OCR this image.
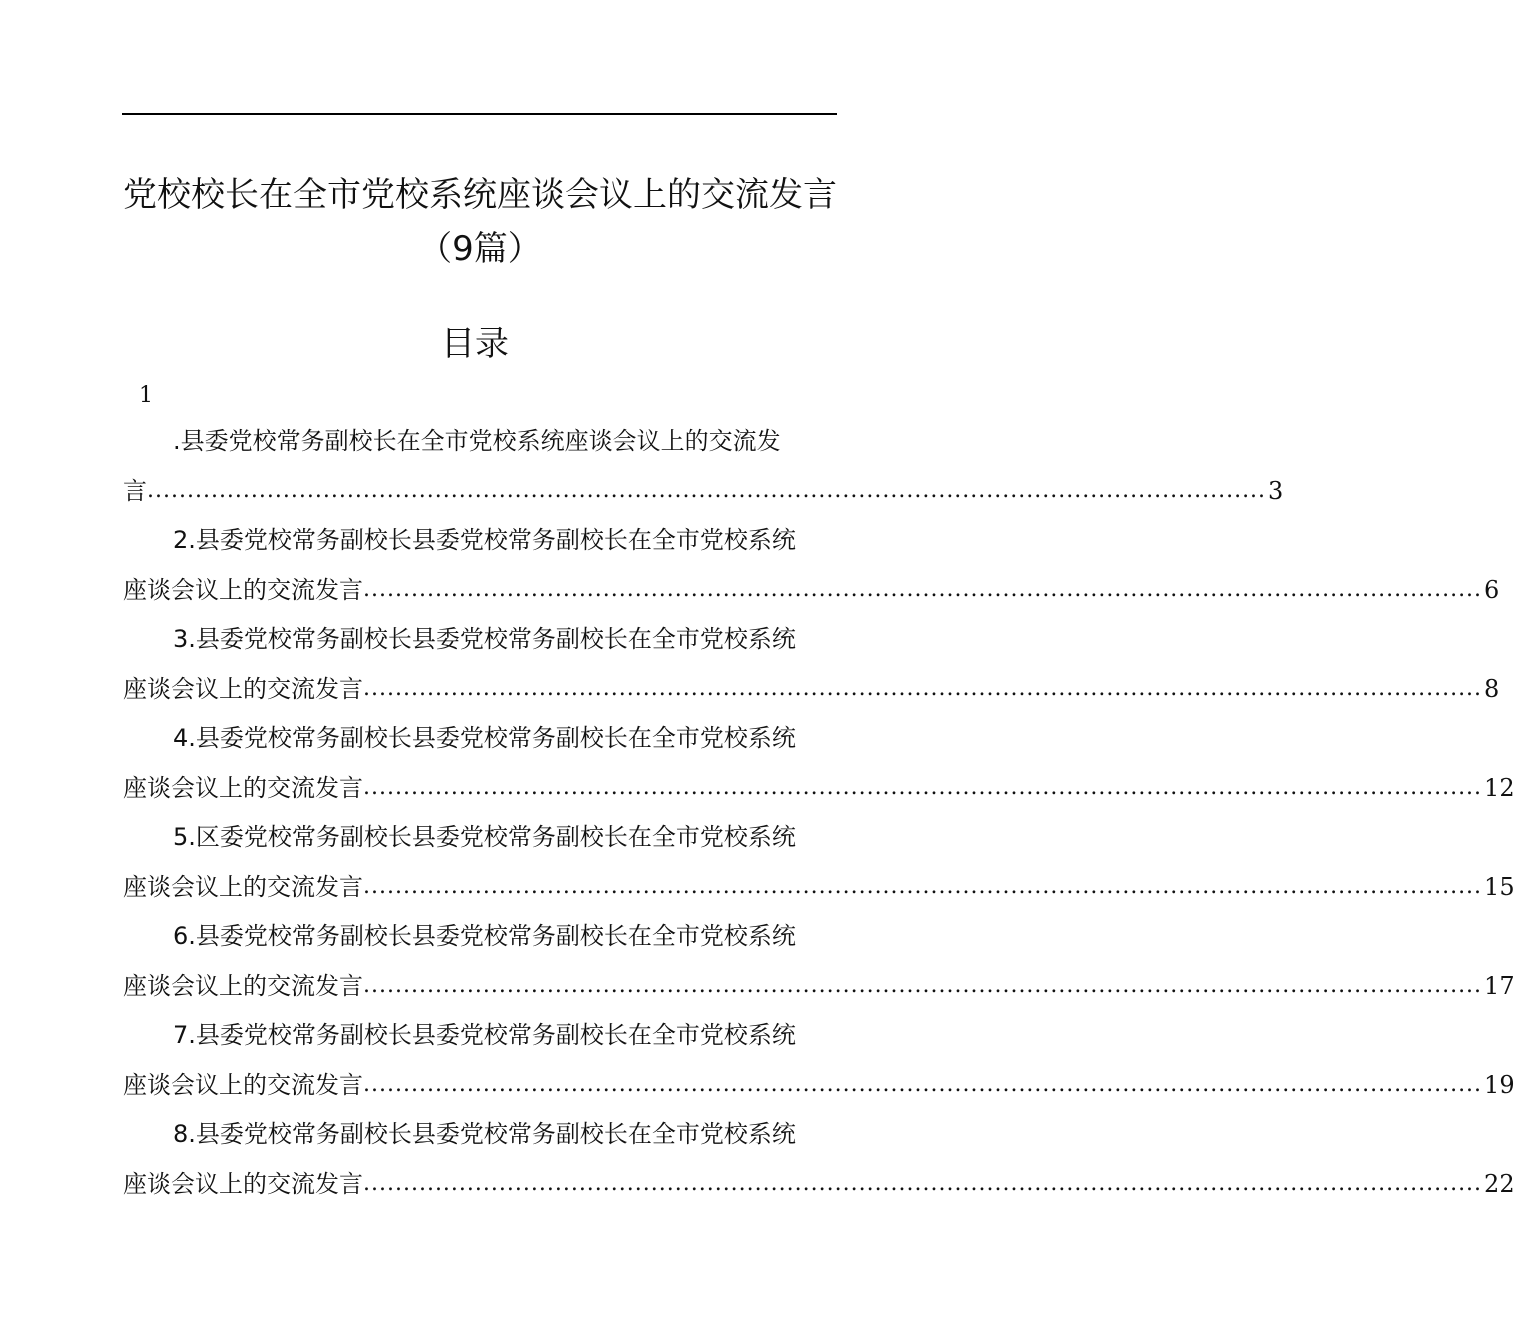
党校校长在全市党校系统座谈会议上的交流发言（9篇）
目录
1
.县委党校常务副校长在全市党校系统座谈会议上的交流发
言 ............................................................................................................................................ 3
2.县委党校常务副校长县委党校常务副校长在全市党校系统
座谈会议上的交流发言 ............................................................................................................................................ 6
3.县委党校常务副校长县委党校常务副校长在全市党校系统
座谈会议上的交流发言 ............................................................................................................................................ 8
4.县委党校常务副校长县委党校常务副校长在全市党校系统
座谈会议上的交流发言 ............................................................................................................................................ 12
5.区委党校常务副校长县委党校常务副校长在全市党校系统
座谈会议上的交流发言 ............................................................................................................................................ 15
6.县委党校常务副校长县委党校常务副校长在全市党校系统
座谈会议上的交流发言 ............................................................................................................................................ 17
7.县委党校常务副校长县委党校常务副校长在全市党校系统
座谈会议上的交流发言 ............................................................................................................................................ 19
8.县委党校常务副校长县委党校常务副校长在全市党校系统
座谈会议上的交流发言 ............................................................................................................................................ 22
